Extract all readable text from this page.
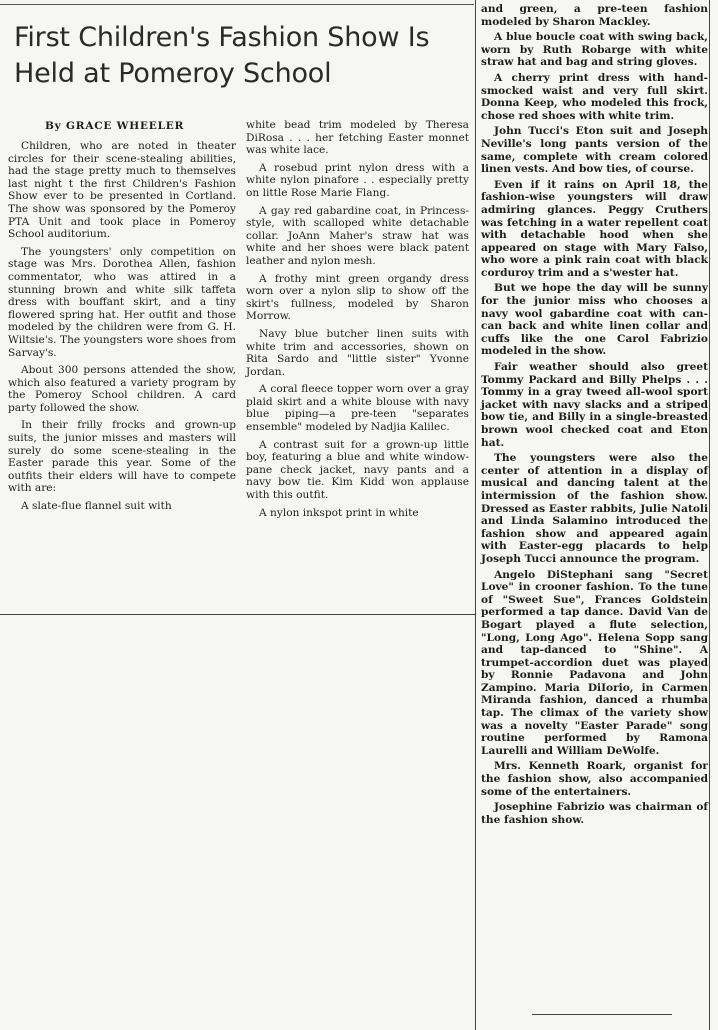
First Children's Fashion Show Is Held at Pomeroy School
By GRACE WHEELER

Children, who are noted in theater circles for their scene-stealing abilities, had the stage pretty much to themselves last night t the first Children's Fashion Show ever to be presented in Cortland. The show was sponsored by the Pomeroy PTA Unit and took place in Pomeroy School auditorium.

The youngsters' only competition on stage was Mrs. Dorothea Allen, fashion commentator, who was attired in a stunning brown and white silk taffeta dress with bouffant skirt, and a tiny flowered spring hat. Her outfit and those modeled by the children were from G. H. Wiltsie's. The youngsters wore shoes from Sarvay's.

About 300 persons attended the show, which also featured a variety program by the Pomeroy School children. A card party followed the show.

In their frilly frocks and grown-up suits, the junior misses and masters will surely do some scene-stealing in the Easter parade this year. Some of the outfits their elders will have to compete with are:

A slate-flue flannel suit with

white bead trim modeled by Theresa DiRosa . . . her fetching Easter monnet was white lace.

A rosebud print nylon dress with a white nylon pinafore . . especially pretty on little Rose Marie Flang.

A gay red gabardine coat, in Princess-style, with scalloped white detachable collar. JoAnn Maher's straw hat was white and her shoes were black patent leather and nylon mesh.

A frothy mint green organdy dress worn over a nylon slip to show off the skirt's fullness, modeled by Sharon Morrow.

Navy blue butcher linen suits with white trim and accessories, shown on Rita Sardo and "little sister" Yvonne Jordan.

A coral fleece topper worn over a gray plaid skirt and a white blouse with navy blue piping—a pre-teen "separates ensemble" modeled by Nadjia Kalilec.

A contrast suit for a grown-up little boy, featuring a blue and white window-pane check jacket, navy pants and a navy bow tie. Kim Kidd won applause with this outfit.

A nylon inkspot print in white

and green, a pre-teen fashion modeled by Sharon Mackley.

A blue boucle coat with swing back, worn by Ruth Robarge with white straw hat and bag and string gloves.

A cherry print dress with hand-smocked waist and very full skirt. Donna Keep, who modeled this frock, chose red shoes with white trim.

John Tucci's Eton suit and Joseph Neville's long pants version of the same, complete with cream colored linen vests. And bow ties, of course.

Even if it rains on April 18, the fashion-wise youngsters will draw admiring glances. Peggy Cruthers was fetching in a water repellent coat with detachable hood when she appeared on stage with Mary Falso, who wore a pink rain coat with black corduroy trim and a s'wester hat.

But we hope the day will be sunny for the junior miss who chooses a navy wool gabardine coat with can-can back and white linen collar and cuffs like the one Carol Fabrizio modeled in the show.

Fair weather should also greet Tommy Packard and Billy Phelps . . . Tommy in a gray tweed all-wool sport jacket with navy slacks and a striped bow tie, and Billy in a single-breasted brown wool checked coat and Eton hat.

The youngsters were also the center of attention in a display of musical and dancing talent at the intermission of the fashion show. Dressed as Easter rabbits, Julie Natoli and Linda Salamino introduced the fashion show and appeared again with Easter-egg placards to help Joseph Tucci announce the program.

Angelo DiStephani sang "Secret Love" in crooner fashion. To the tune of "Sweet Sue", Frances Goldstein performed a tap dance. David Van de Bogart played a flute selection, "Long, Long Ago". Helena Sopp sang and tap-danced to "Shine". A trumpet-accordion duet was played by Ronnie Padavona and John Zampino. Maria DiIorio, in Carmen Miranda fashion, danced a rhumba tap. The climax of the variety show was a novelty "Easter Parade" song routine performed by Ramona Laurelli and William DeWolfe.

Mrs. Kenneth Roark, organist for the fashion show, also accompanied some of the entertainers.

Josephine Fabrizio was chairman of the fashion show.
